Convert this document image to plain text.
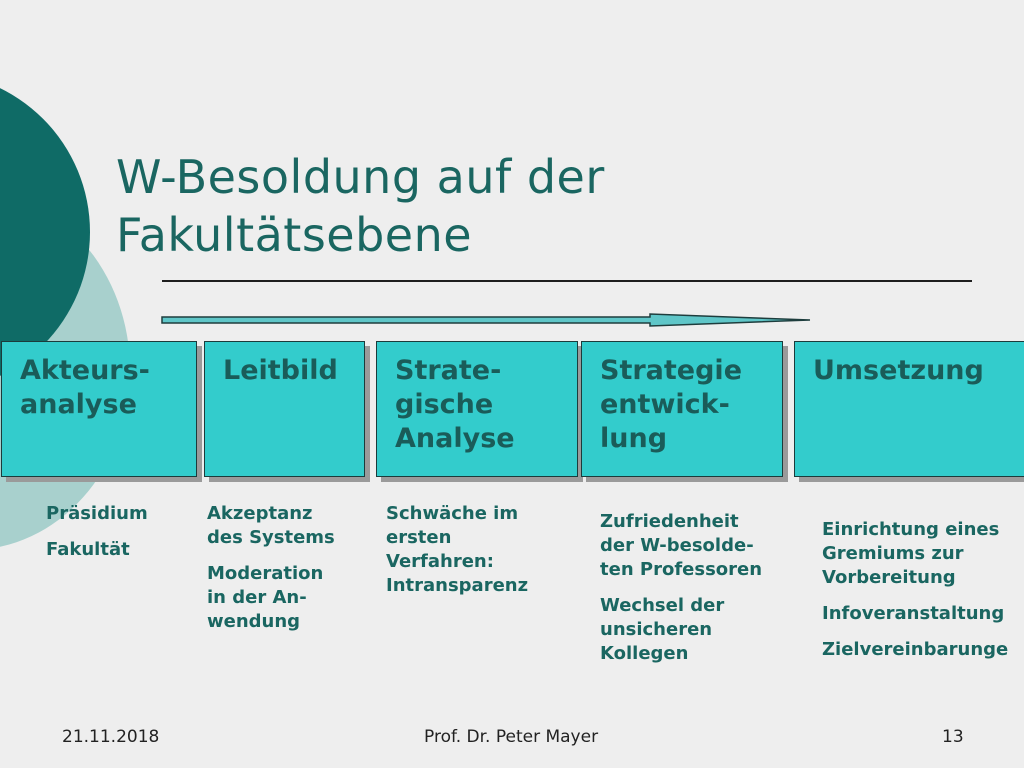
W-Besoldung auf der
Fakultätsebene
Akteurs-
analyse
Leitbild	Strate-
gische
Analyse
Strategie
entwick-
lung
Umsetzung
Präsidium
Fakultät
Akzeptanz
des Systems
Moderation
in der An-
wendung
Schwäche im
ersten
Verfahren:
Intransparenz
Zufriedenheit
der W-besolde-
ten Professoren
Wechsel der
unsicheren
Kollegen
Einrichtung eines
Gremiums zur
Vorbereitung
Infoveranstaltung
Zielvereinbarunge
21.11.2018	Prof. Dr. Peter Mayer	13
